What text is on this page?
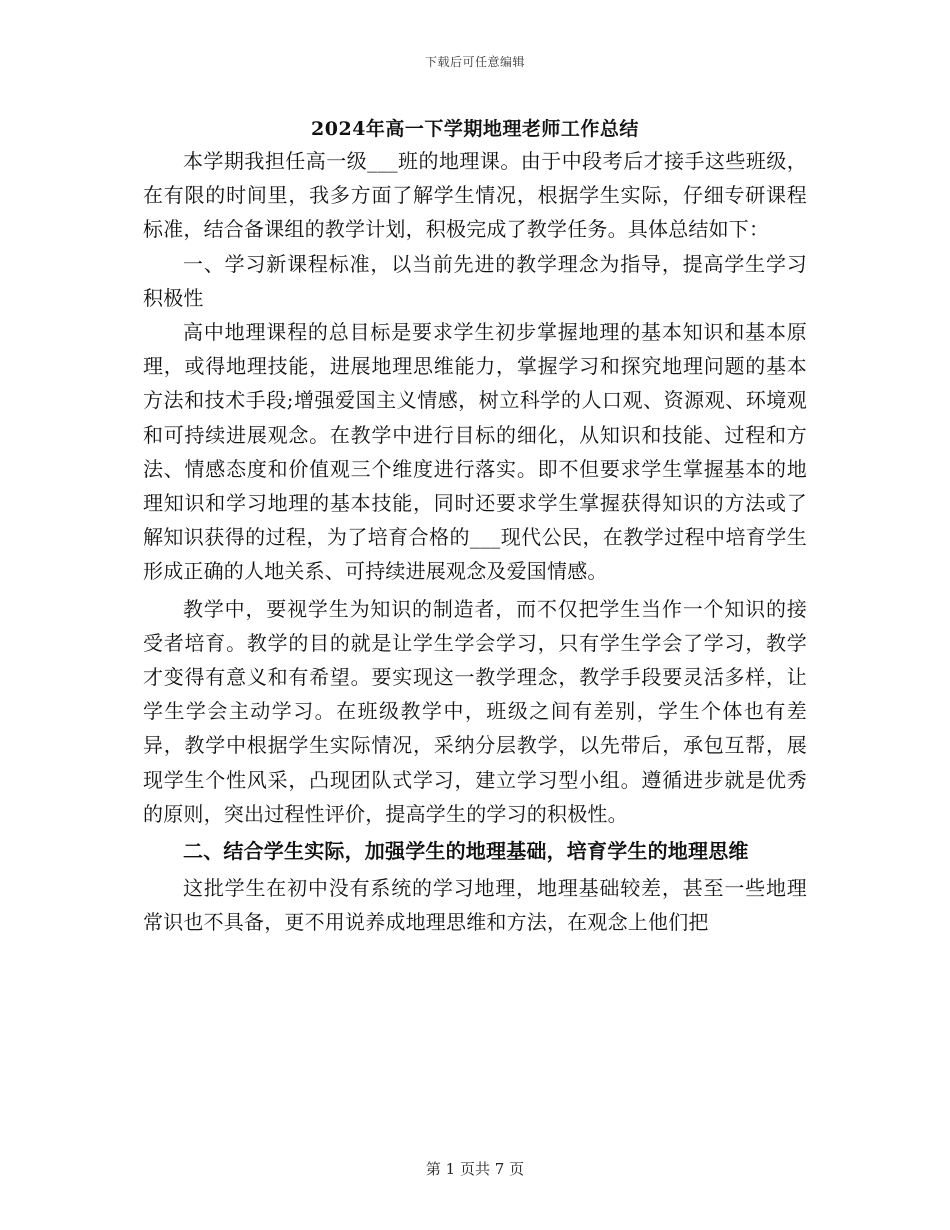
下载后可任意编辑
2024年高一下学期地理老师工作总结

本学期我担任高一级___班的地理课。由于中段考后才接手这些班级，在有限的时间里，我多方面了解学生情况，根据学生实际，仔细专研课程标准，结合备课组的教学计划，积极完成了教学任务。具体总结如下：

一、学习新课程标准，以当前先进的教学理念为指导，提高学生学习积极性

高中地理课程的总目标是要求学生初步掌握地理的基本知识和基本原理，或得地理技能，进展地理思维能力，掌握学习和探究地理问题的基本方法和技术手段;增强爱国主义情感，树立科学的人口观、资源观、环境观和可持续进展观念。在教学中进行目标的细化，从知识和技能、过程和方法、情感态度和价值观三个维度进行落实。即不但要求学生掌握基本的地理知识和学习地理的基本技能，同时还要求学生掌握获得知识的方法或了解知识获得的过程，为了培育合格的___现代公民，在教学过程中培育学生形成正确的人地关系、可持续进展观念及爱国情感。

教学中，要视学生为知识的制造者，而不仅把学生当作一个知识的接受者培育。教学的目的就是让学生学会学习，只有学生学会了学习，教学才变得有意义和有希望。要实现这一教学理念，教学手段要灵活多样，让学生学会主动学习。在班级教学中，班级之间有差别，学生个体也有差异，教学中根据学生实际情况，采纳分层教学，以先带后，承包互帮，展现学生个性风采，凸现团队式学习，建立学习型小组。遵循进步就是优秀的原则，突出过程性评价，提高学生的学习的积极性。

二、结合学生实际，加强学生的地理基础，培育学生的地理思维

这批学生在初中没有系统的学习地理，地理基础较差，甚至一些地理常识也不具备，更不用说养成地理思维和方法，在观念上他们把

第 1 页共 7 页
